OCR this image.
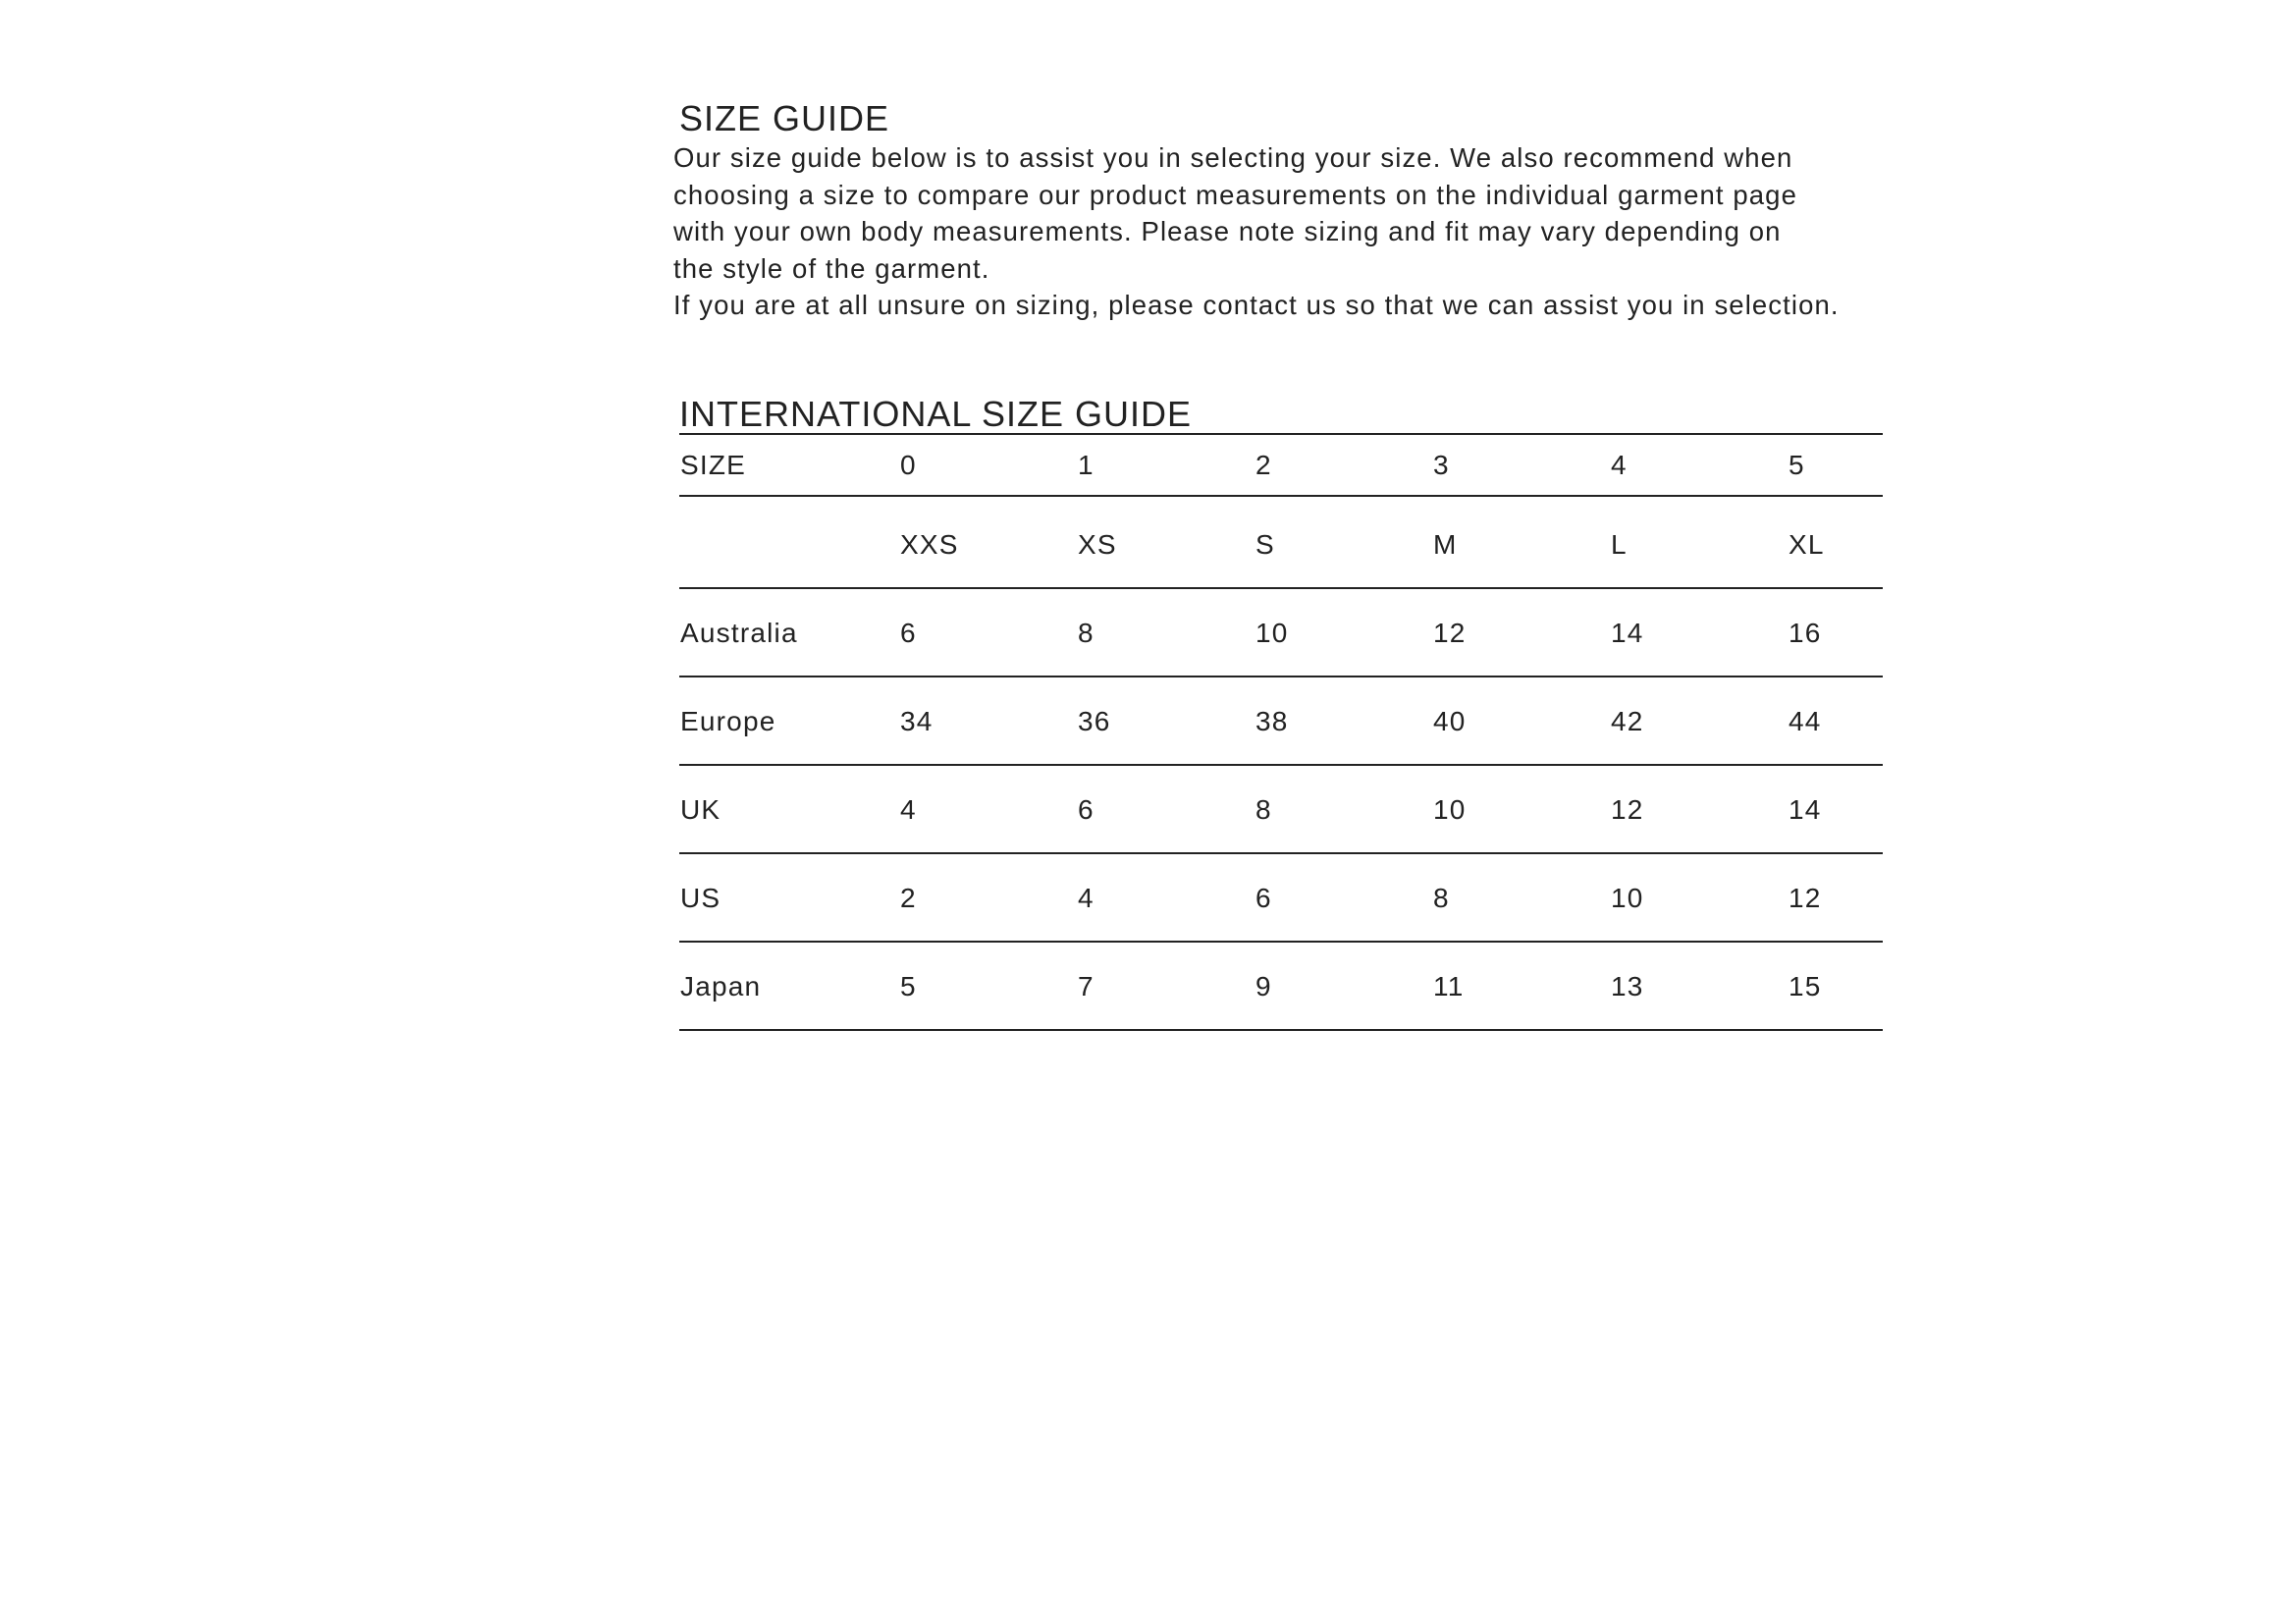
SIZE GUIDE

Our size guide below is to assist you in selecting your size. We also recommend when
choosing a size to compare our product measurements on the individual garment page
with your own body measurements. Please note sizing and fit may vary depending on
the style of the garment.
If you are at all unsure on sizing, please contact us so that we can assist you in selection.

INTERNATIONAL SIZE GUIDE
SIZE	0	1	2	3	4	5
	XXS	XS	S	M	L	XL
Australia	6	8	10	12	14	16
Europe	34	36	38	40	42	44
UK	4	6	8	10	12	14
US	2	4	6	8	10	12
Japan	5	7	9	11	13	15
